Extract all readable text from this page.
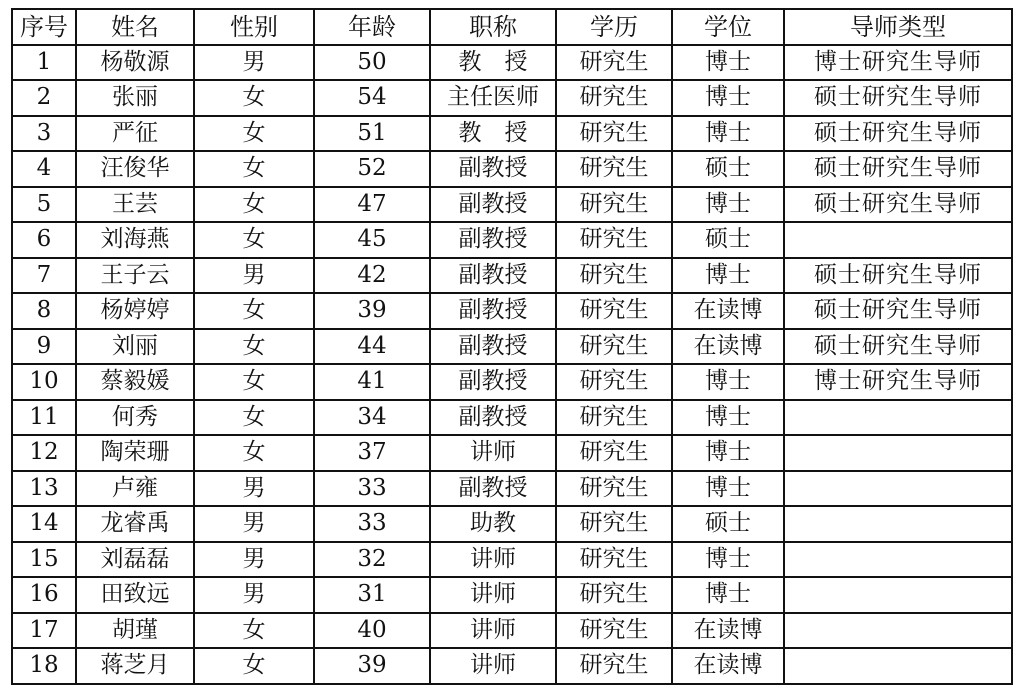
序号	姓名	性别	年龄	职称	学历	学位	导师类型
1	杨敬源	男	50	教　授	研究生	博士	博士研究生导师
2	张丽	女	54	主任医师	研究生	博士	硕士研究生导师
3	严征	女	51	教　授	研究生	博士	硕士研究生导师
4	汪俊华	女	52	副教授	研究生	硕士	硕士研究生导师
5	王芸	女	47	副教授	研究生	博士	硕士研究生导师
6	刘海燕	女	45	副教授	研究生	硕士	
7	王子云	男	42	副教授	研究生	博士	硕士研究生导师
8	杨婷婷	女	39	副教授	研究生	在读博	硕士研究生导师
9	刘丽	女	44	副教授	研究生	在读博	硕士研究生导师
10	蔡毅媛	女	41	副教授	研究生	博士	博士研究生导师
11	何秀	女	34	副教授	研究生	博士	
12	陶荣珊	女	37	讲师	研究生	博士	
13	卢雍	男	33	副教授	研究生	博士	
14	龙睿禹	男	33	助教	研究生	硕士	
15	刘磊磊	男	32	讲师	研究生	博士	
16	田致远	男	31	讲师	研究生	博士	
17	胡瑾	女	40	讲师	研究生	在读博	
18	蒋芝月	女	39	讲师	研究生	在读博	
